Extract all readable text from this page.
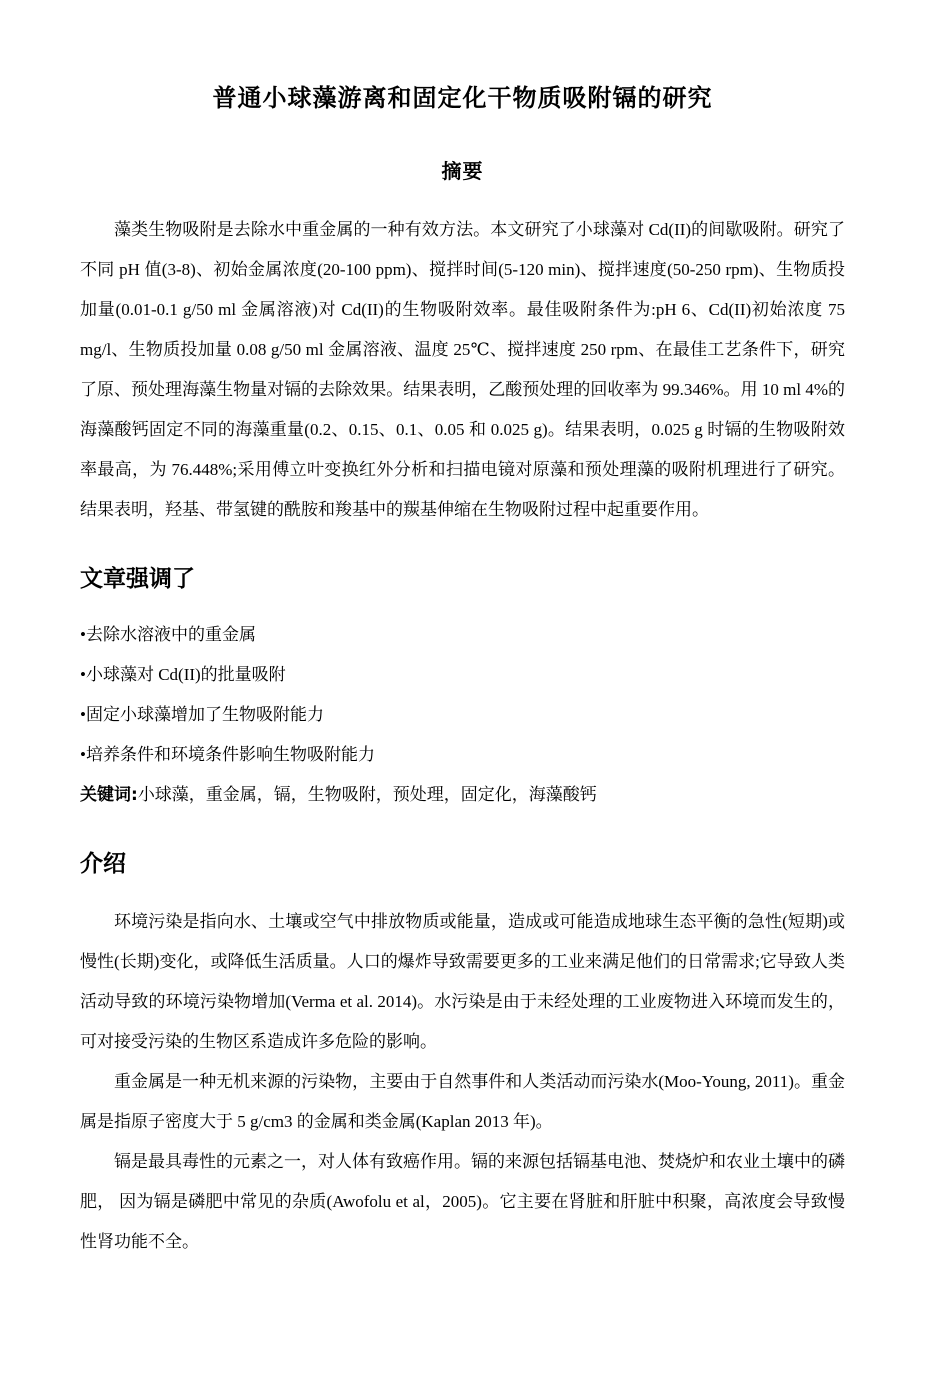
普通小球藻游离和固定化干物质吸附镉的研究
摘要

藻类生物吸附是去除水中重金属的一种有效方法。本文研究了小球藻对 Cd(II)的间歇吸附。研究了不同 pH 值(3-8)、初始金属浓度(20-100 ppm)、搅拌时间(5-120 min)、搅拌速度(50-250 rpm)、生物质投加量(0.01-0.1 g/50 ml 金属溶液)对 Cd(II)的生物吸附效率。最佳吸附条件为:pH 6、Cd(II)初始浓度 75 mg/l、生物质投加量 0.08 g/50 ml 金属溶液、温度 25℃、搅拌速度 250 rpm、在最佳工艺条件下，研究了原、预处理海藻生物量对镉的去除效果。结果表明，乙酸预处理的回收率为 99.346%。用 10 ml 4%的海藻酸钙固定不同的海藻重量(0.2、0.15、0.1、0.05 和 0.025 g)。结果表明，0.025 g 时镉的生物吸附效率最高，为 76.448%;采用傅立叶变换红外分析和扫描电镜对原藻和预处理藻的吸附机理进行了研究。结果表明，羟基、带氢键的酰胺和羧基中的羰基伸缩在生物吸附过程中起重要作用。

文章强调了

•去除水溶液中的重金属

•小球藻对 Cd(II)的批量吸附

•固定小球藻增加了生物吸附能力

•培养条件和环境条件影响生物吸附能力

关键词:小球藻，重金属，镉，生物吸附，预处理，固定化，海藻酸钙

介绍

环境污染是指向水、土壤或空气中排放物质或能量，造成或可能造成地球生态平衡的急性(短期)或慢性(长期)变化，或降低生活质量。人口的爆炸导致需要更多的工业来满足他们的日常需求;它导致人类活动导致的环境污染物增加(Verma et al. 2014)。水污染是由于未经处理的工业废物进入环境而发生的，可对接受污染的生物区系造成许多危险的影响。

重金属是一种无机来源的污染物，主要由于自然事件和人类活动而污染水(Moo-Young, 2011)。重金属是指原子密度大于 5 g/cm3 的金属和类金属(Kaplan 2013 年)。

镉是最具毒性的元素之一，对人体有致癌作用。镉的来源包括镉基电池、焚烧炉和农业土壤中的磷肥， 因为镉是磷肥中常见的杂质(Awofolu et al，2005)。它主要在肾脏和肝脏中积聚，高浓度会导致慢性肾功能不全。
